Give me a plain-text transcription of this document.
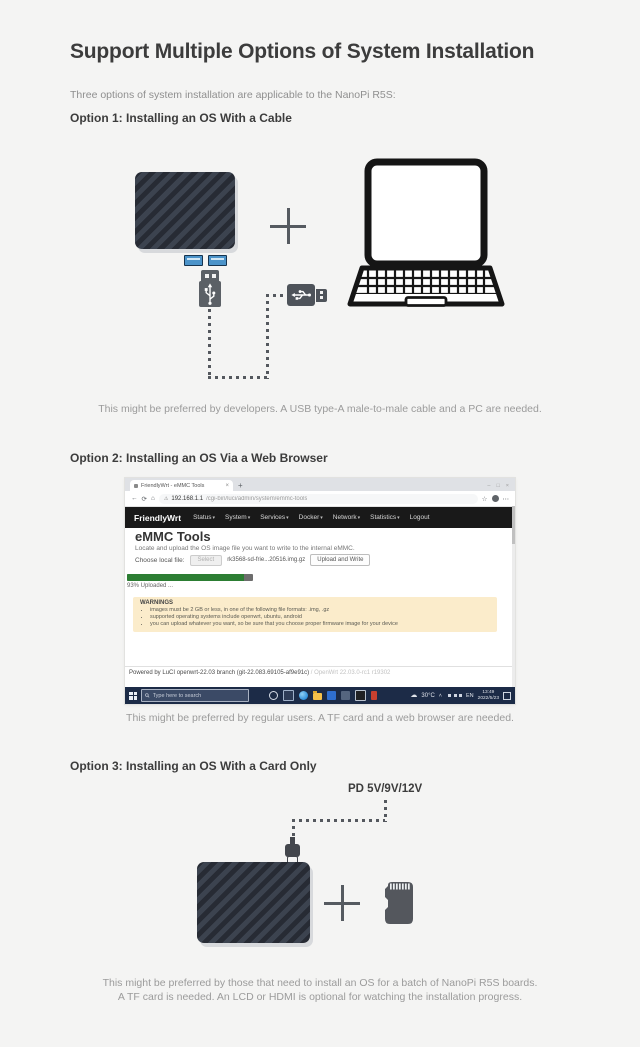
Support Multiple Options of System Installation
Three options of system installation are applicable to the NanoPi R5S:
Option 1: Installing an OS With a Cable
This might be preferred by developers. A USB type-A male-to-male cable and a PC are needed.
Option 2: Installing an OS Via a Web Browser
FriendlyWrt - eMMC Tools	× +	– □ ×
← ⟳ ⌂ ⚠ 192.168.1.1 /cgi-bin/luci/admin/system/emmc-tools	☆ ⋯
FriendlyWrt Status ▾ System ▾ Services ▾ Docker ▾ Network ▾ Statistics ▾ Logout
eMMC Tools
Locate and upload the OS image file you want to write to the internal eMMC.
Choose local file:	Select	rk3568-sd-frie...20516.img.gz	Upload and Write
93% Uploaded ...
WARNINGS
• images must be 2 GB or less, in one of the following file formats: .img, .gz
• supported operating systems include openwrt, ubuntu, android
• you can upload whatever you want, so be sure that you choose proper firmware image for your device
Powered by LuCI openwrt-22.03 branch (git-22.083.69105-af9e91c) / OpenWrt 22.03.0-rc1 r19302
Type here to search
☁ 30°C ˄	EN
13:49
2022/5/23
This might be preferred by regular users. A TF card and a web browser are needed.
Option 3: Installing an OS With a Card Only
PD 5V/9V/12V
This might be preferred by those that need to install an OS for a batch of NanoPi R5S boards.
A TF card is needed. An LCD or HDMI is optional for watching the installation progress.
